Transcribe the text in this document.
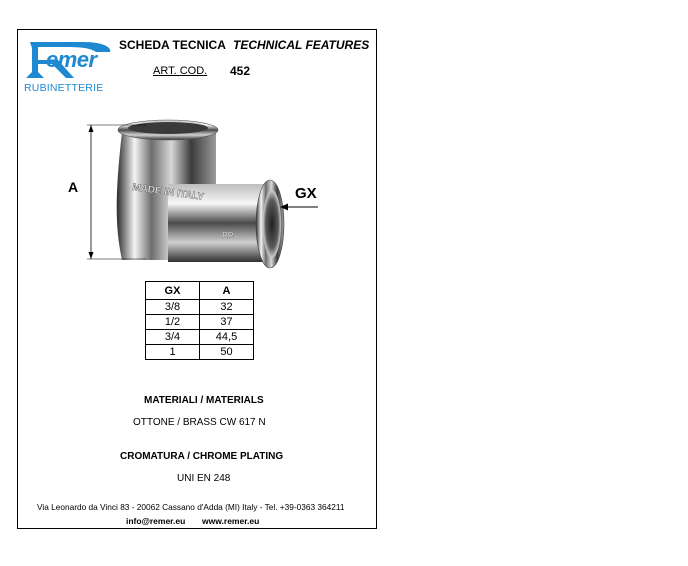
emer
RUBINETTERIE
SCHEDA TECNICA TECHNICAL FEATURES
ART. COD. 452
MADE IN ITALY
RR
A	GX
GX	A
3/8	32
1/2	37
3/4	44,5
1	50
MATERIALI / MATERIALS
OTTONE / BRASS CW 617 N
CROMATURA / CHROME PLATING
UNI EN 248
Via Leonardo da Vinci 83 - 20062 Cassano d'Adda (MI) Italy - Tel. +39-0363 364211
info@remer.eu www.remer.eu
